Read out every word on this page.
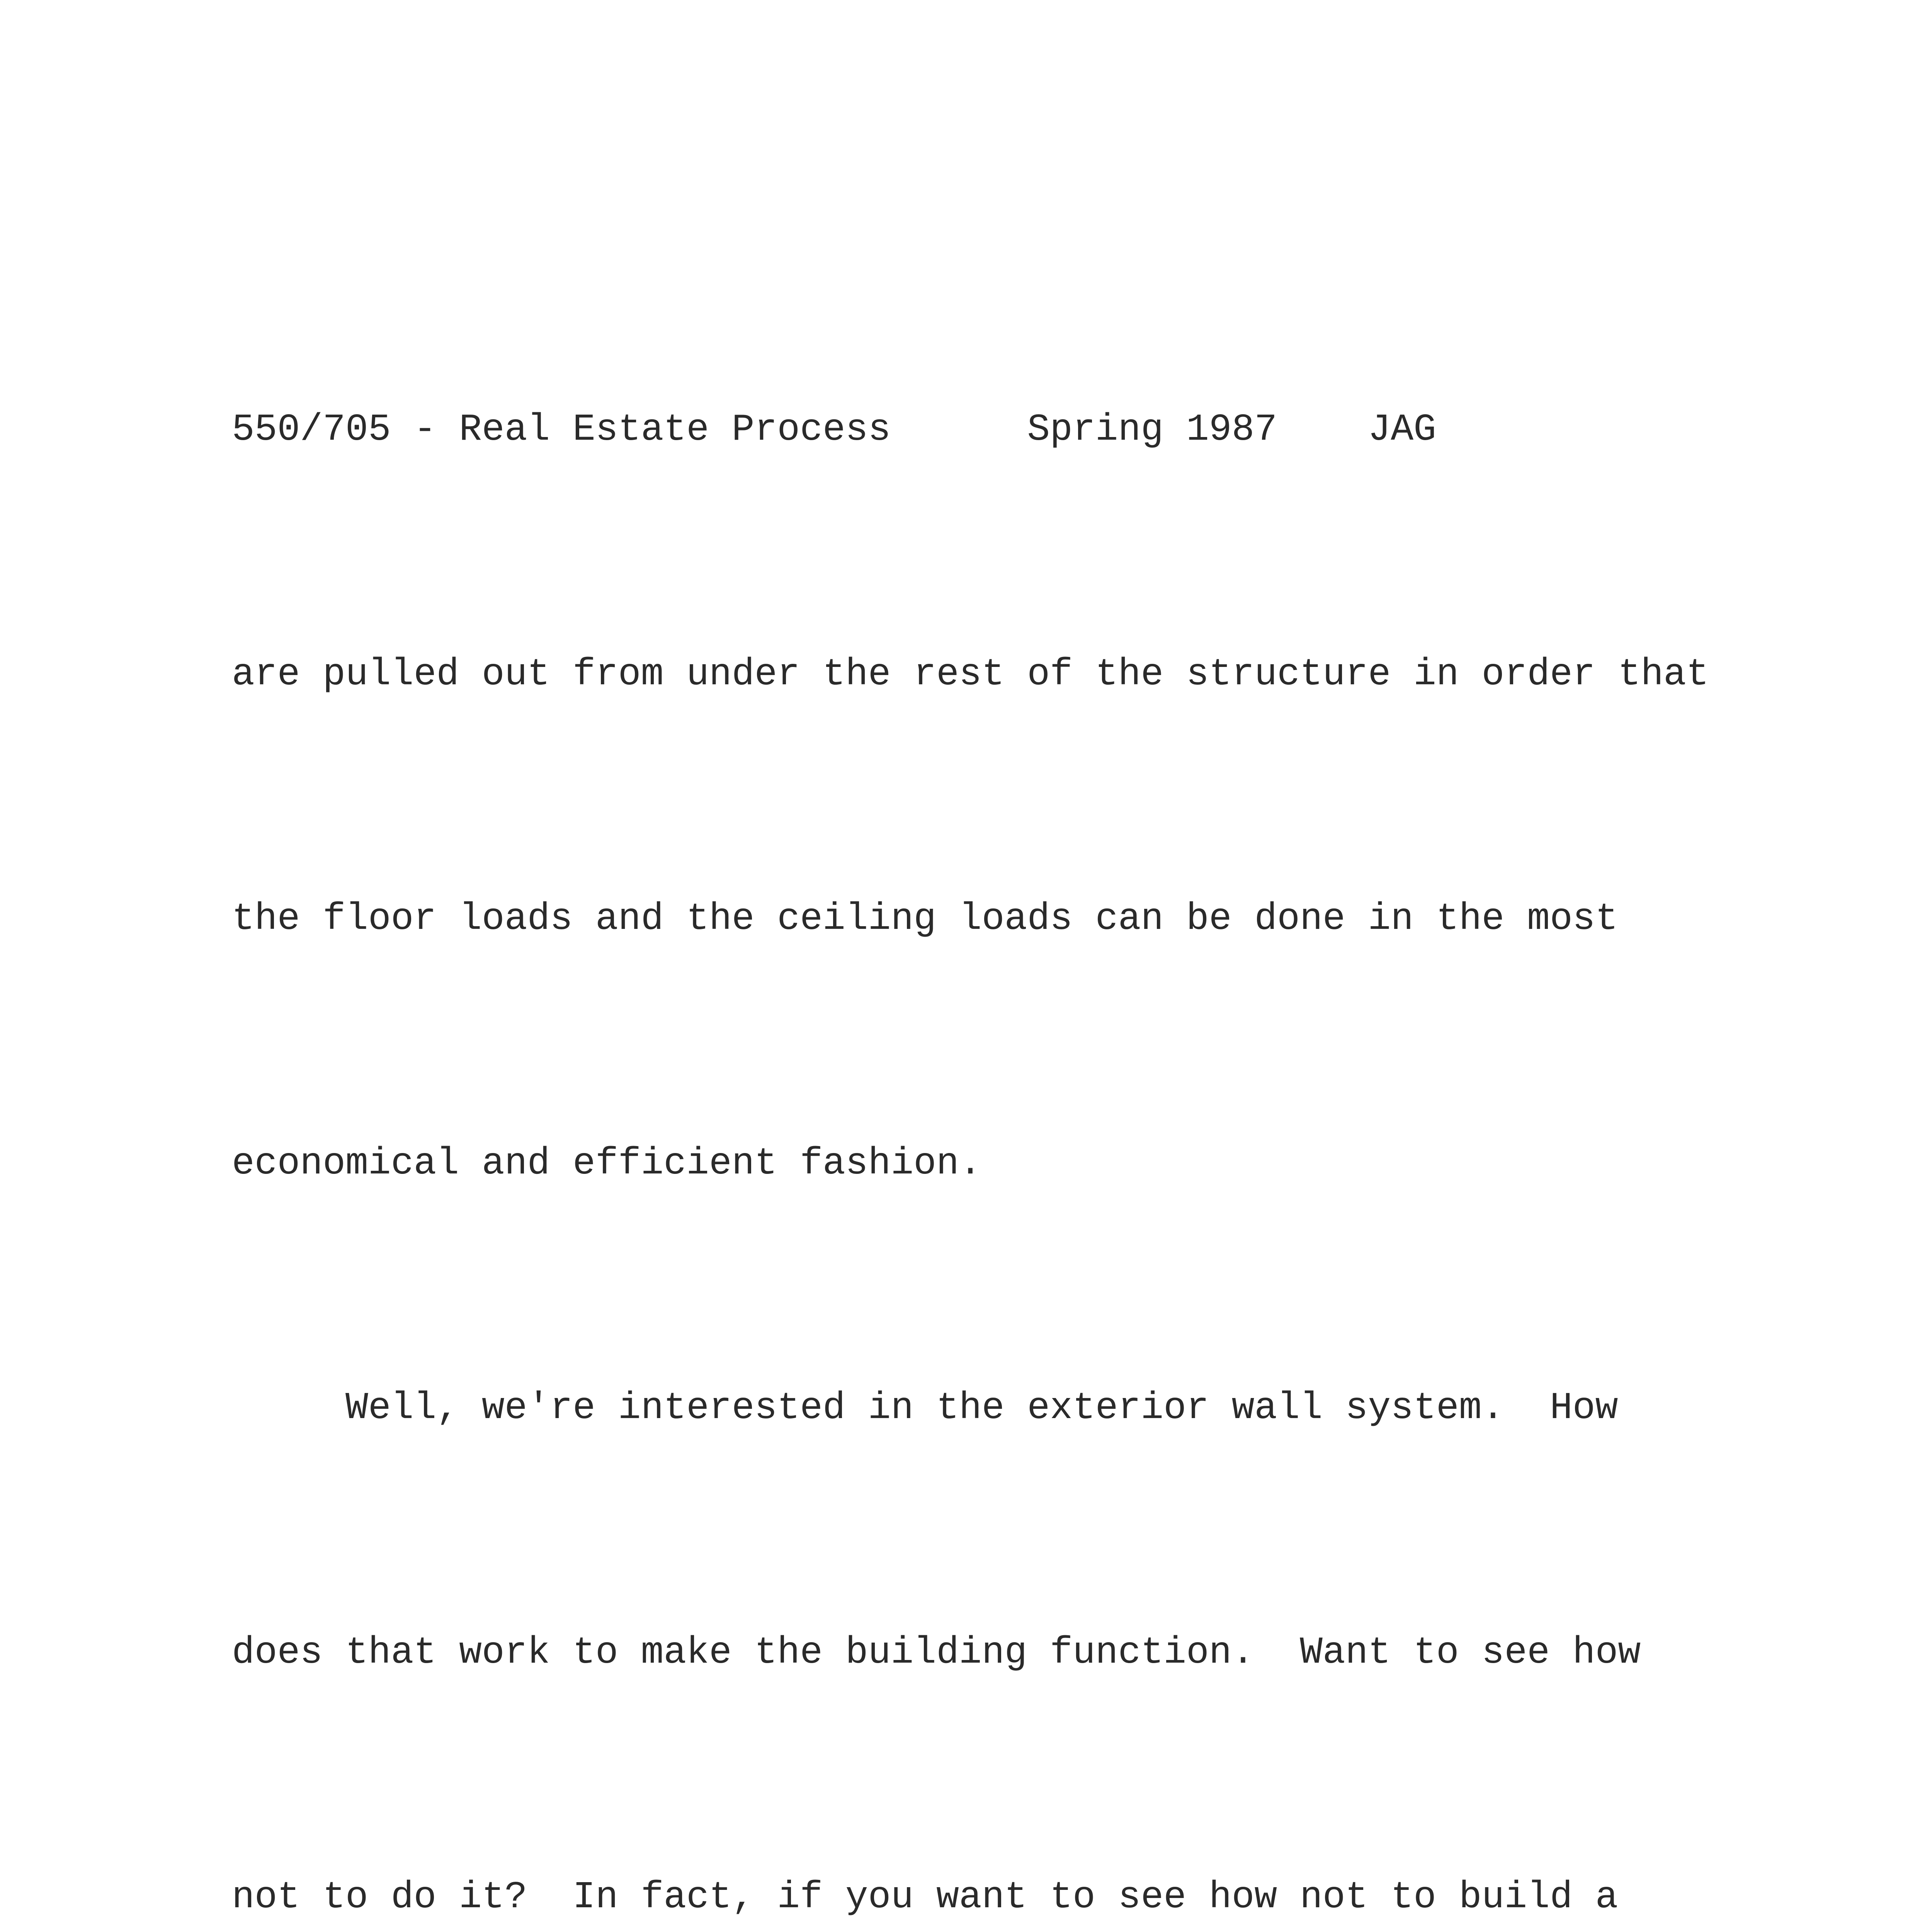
550/705 - Real Estate Process      Spring 1987    JAG

are pulled out from under the rest of the structure in order that

the floor loads and the ceiling loads can be done in the most

economical and efficient fashion.

Well, we're interested in the exterior wall system.  How

does that work to make the building function.  Want to see how

not to do it?  In fact, if you want to see how not to build a
